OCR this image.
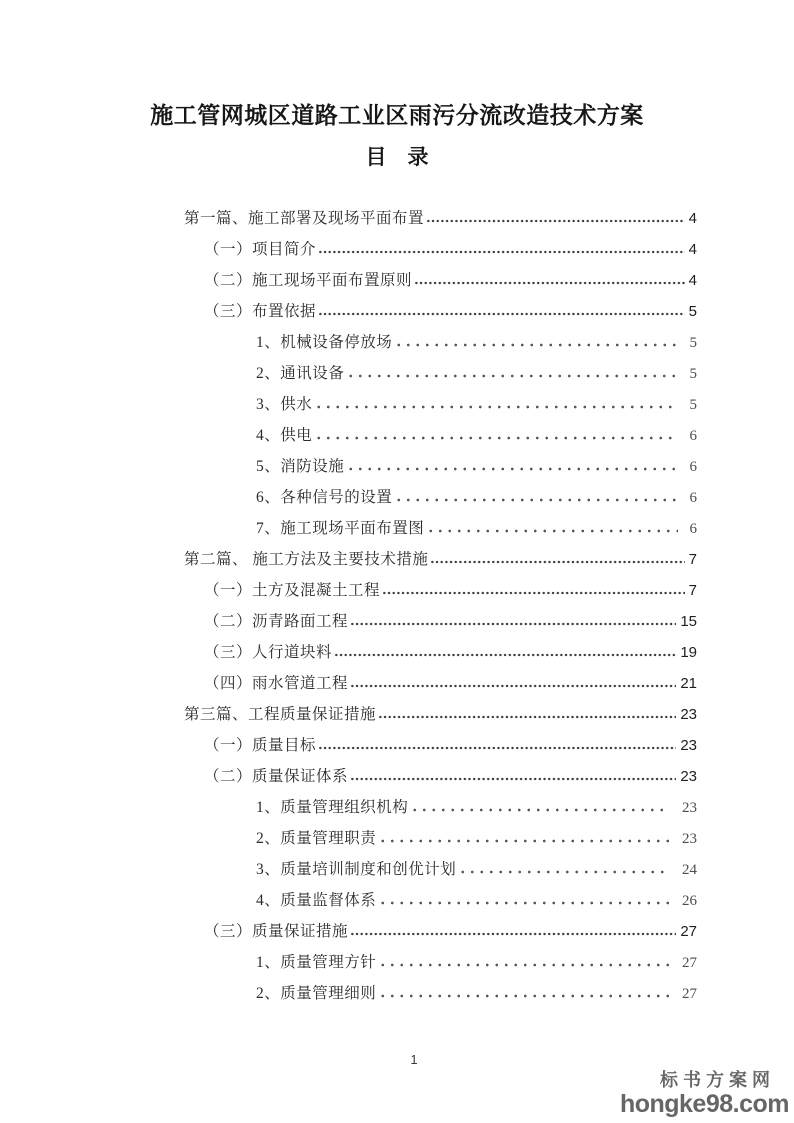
施工管网城区道路工业区雨污分流改造技术方案
目　录
第一篇、施工部署及现场平面布置	4
（一）项目简介	4
（二）施工现场平面布置原则	4
（三）布置依据	5
1、机械设备停放场	5
2、通讯设备	5
3、供水	5
4、供电	6
5、消防设施	6
6、各种信号的设置	6
7、施工现场平面布置图	6
第二篇、 施工方法及主要技术措施	7
（一）土方及混凝土工程	7
（二）沥青路面工程	15
（三）人行道块料	19
（四）雨水管道工程	21
第三篇、工程质量保证措施	23
（一）质量目标	23
（二）质量保证体系	23
1、质量管理组织机构	23
2、质量管理职责	23
3、质量培训制度和创优计划	24
4、质量监督体系	26
（三）质量保证措施	27
1、质量管理方针	27
2、质量管理细则	27
1
标书方案网
hongke98.com
